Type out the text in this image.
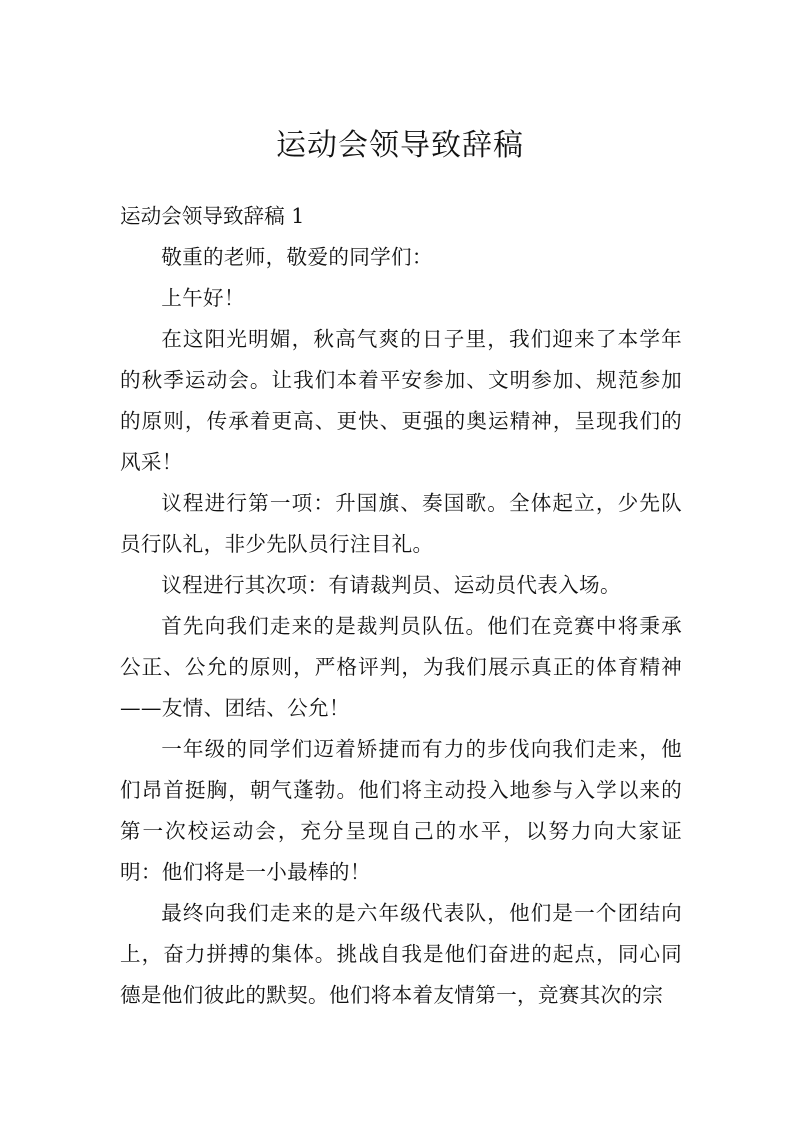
运动会领导致辞稿

运动会领导致辞稿 1

敬重的老师，敬爱的同学们：

上午好！

在这阳光明媚，秋高气爽的日子里，我们迎来了本学年的秋季运动会。让我们本着平安参加、文明参加、规范参加的原则，传承着更高、更快、更强的奥运精神，呈现我们的风采！

议程进行第一项：升国旗、奏国歌。全体起立，少先队员行队礼，非少先队员行注目礼。

议程进行其次项：有请裁判员、运动员代表入场。

首先向我们走来的是裁判员队伍。他们在竞赛中将秉承公正、公允的原则，严格评判，为我们展示真正的体育精神——友情、团结、公允！

一年级的同学们迈着矫捷而有力的步伐向我们走来，他们昂首挺胸，朝气蓬勃。他们将主动投入地参与入学以来的第一次校运动会，充分呈现自己的水平，以努力向大家证明：他们将是一小最棒的！

最终向我们走来的是六年级代表队，他们是一个团结向上，奋力拼搏的集体。挑战自我是他们奋进的起点，同心同德是他们彼此的默契。他们将本着友情第一，竞赛其次的宗
